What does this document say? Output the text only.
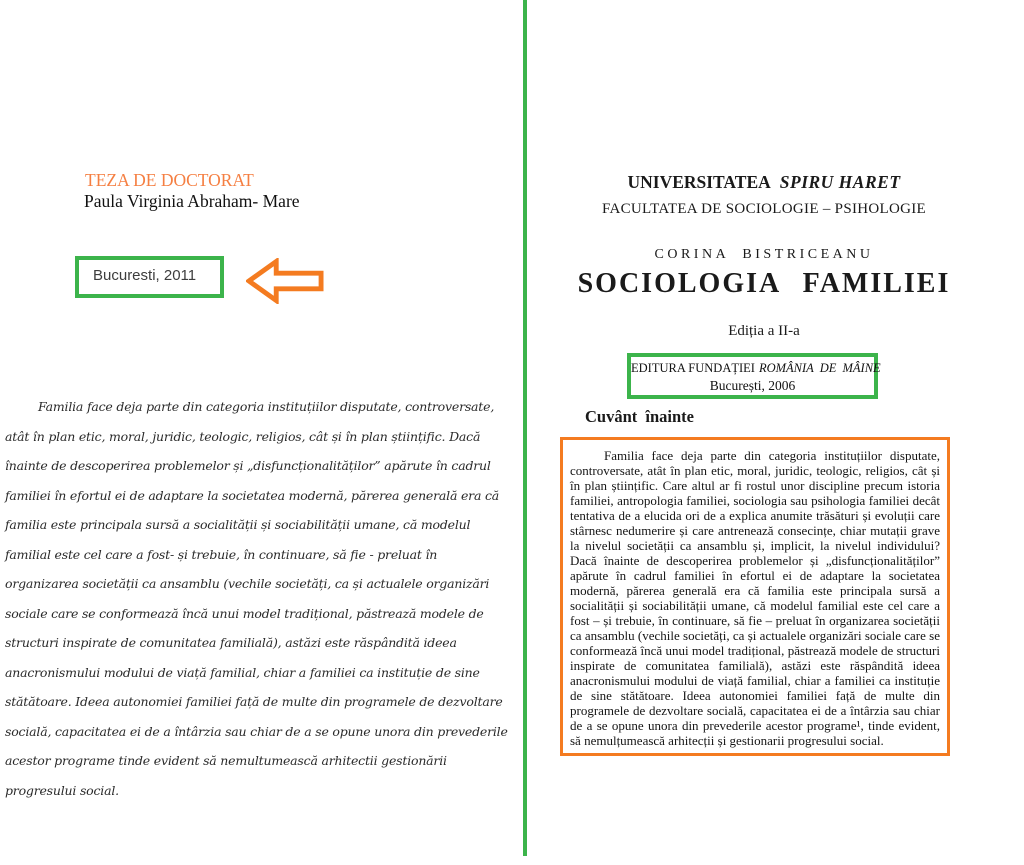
TEZA DE DOCTORAT
Paula Virginia Abraham- Mare
Bucuresti, 2011

Familia face deja parte din categoria instituțiilor disputate, controversate, atât în plan etic, moral, juridic, teologic, religios, cât și în plan științific. Dacă înainte de descoperirea problemelor și „disfuncționalităților” apărute în cadrul familiei în efortul ei de adaptare la societatea modernă, părerea generală era că familia este principala sursă a socialității și sociabilității umane, că modelul familial este cel care a fost- și trebuie, în continuare, să fie - preluat în organizarea societății ca ansamblu (vechile societăți, ca și actualele organizări sociale care se conformează încă unui model tradițional, păstrează modele de structuri inspirate de comunitatea familială), astăzi este răspândită ideea anacronismului modului de viață familial, chiar a familiei ca instituție de sine stătătoare. Ideea autonomiei familiei față de multe din programele de dezvoltare socială, capacitatea ei de a întârzia sau chiar de a se opune unora din prevederile acestor programe tinde evident să nemultumească arhitectii gestionării progresului social.

UNIVERSITATEA SPIRU HARET
FACULTATEA DE SOCIOLOGIE – PSIHOLOGIE
CORINA BISTRICEANU
SOCIOLOGIA FAMILIEI
Ediția a II-a
EDITURA FUNDAȚIEI ROMÂNIA DE MÂINE
București, 2006
Cuvânt înainte

Familia face deja parte din categoria instituțiilor disputate, controversate, atât în plan etic, moral, juridic, teologic, religios, cât și în plan științific. Care altul ar fi rostul unor discipline precum istoria familiei, antropologia familiei, sociologia sau psihologia familiei decât tentativa de a elucida ori de a explica anumite trăsături și evoluții care stârnesc nedumerire și care antrenează consecințe, chiar mutații grave la nivelul societății ca ansamblu și, implicit, la nivelul individului? Dacă înainte de descoperirea problemelor și „disfuncționalităților” apărute în cadrul familiei în efortul ei de adaptare la societatea modernă, părerea generală era că familia este principala sursă a socialității și sociabilității umane, că modelul familial este cel care a fost – și trebuie, în continuare, să fie – preluat în organizarea societății ca ansamblu (vechile societăți, ca și actualele organizări sociale care se conformează încă unui model tradițional, păstrează modele de structuri inspirate de comunitatea familială), astăzi este răspândită ideea anacronismului modului de viață familial, chiar a familiei ca instituție de sine stătătoare. Ideea autonomiei familiei față de multe din programele de dezvoltare socială, capacitatea ei de a întârzia sau chiar de a se opune unora din prevederile acestor programe¹, tinde evident, să nemulțumească arhitecții și gestionarii progresului social.
